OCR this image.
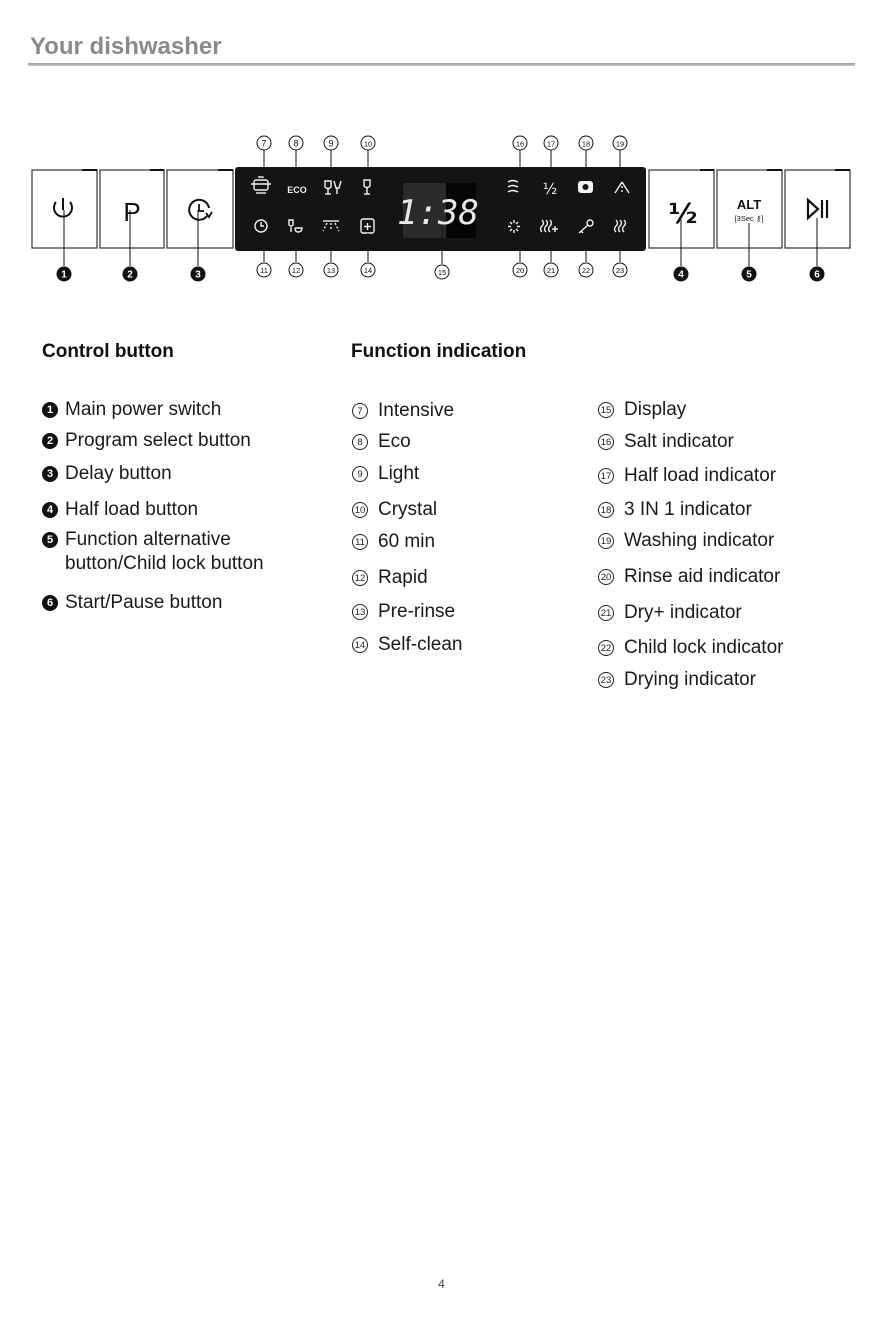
Your dishwasher
P	1:38
ECO	½
½	ALT
[3Sec ⚷]
7	8	9	10	16	17	18	19
11	12	13	14	15	20	21	22	23
1	2	3	4	5	6
Control button	Function indication
1 Main power switch
2 Program select button
3 Delay button
4 Half load button
5 Function alternative
button/Child lock button
6 Start/Pause button
7 Intensive
8 Eco
9 Light
10 Crystal
11 60 min
12 Rapid
13 Pre-rinse
14 Self-clean
15 Display
16 Salt indicator
17 Half load indicator
18 3 IN 1 indicator
19 Washing indicator
20 Rinse aid indicator
21 Dry+ indicator
22 Child lock indicator
23 Drying indicator
4
